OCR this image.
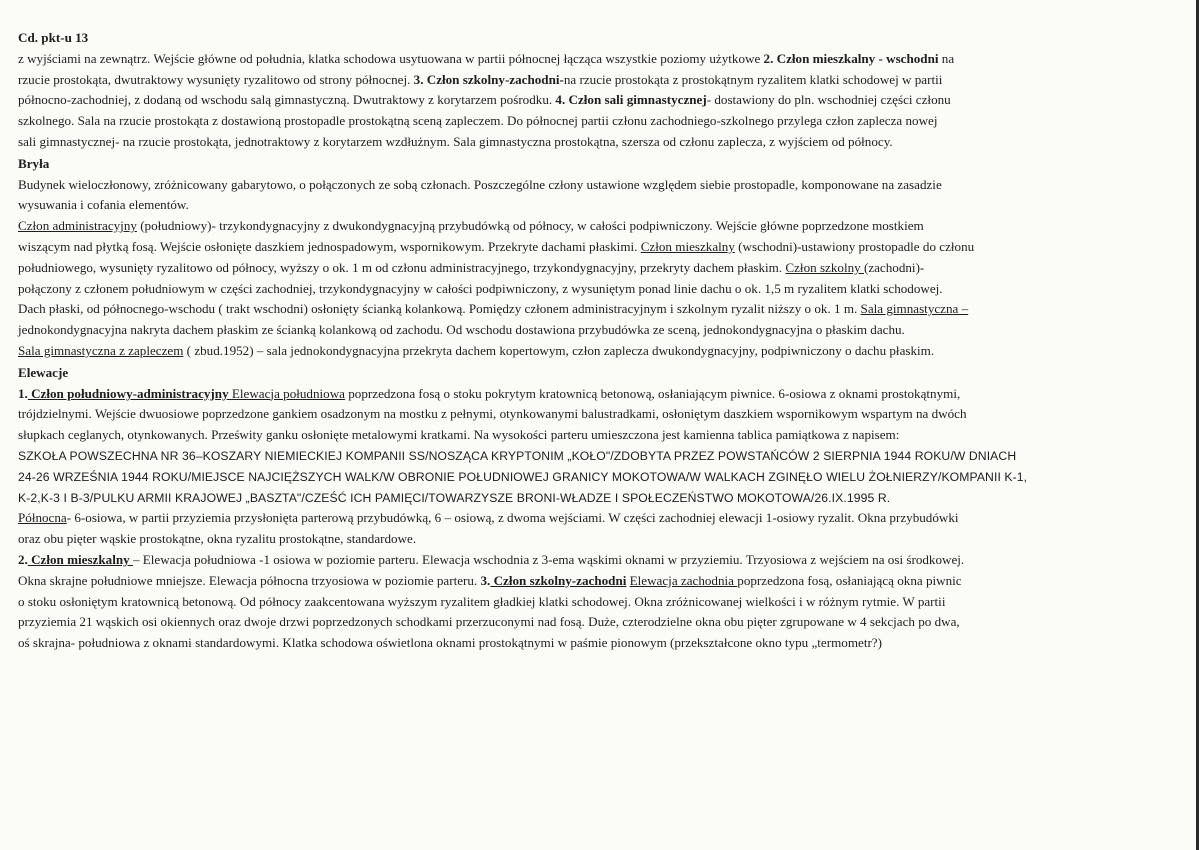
Cd. pkt-u 13
z wyjściami na zewnątrz. Wejście główne od południa, klatka schodowa usytuowana w partii północnej łącząca wszystkie poziomy użytkowe 2. Człon mieszkalny - wschodni na
rzucie prostokąta, dwutraktowy wysunięty ryzalitowo od strony północnej. 3. Człon szkolny-zachodni-na rzucie prostokąta z prostokątnym ryzalitem klatki schodowej w partii
północno-zachodniej, z dodaną od wschodu salą gimnastyczną. Dwutraktowy z korytarzem pośrodku. 4. Człon sali gimnastycznej- dostawiony do pln. wschodniej części członu
szkolnego. Sala na rzucie prostokąta z dostawioną prostopadle prostokątną sceną zapleczem. Do północnej partii członu zachodniego-szkolnego przylega człon zaplecza nowej
sali gimnastycznej- na rzucie prostokąta, jednotraktowy z korytarzem wzdłużnym. Sala gimnastyczna prostokątna, szersza od członu zaplecza, z wyjściem od północy.
Bryła
Budynek wieloczłonowy, zróżnicowany gabarytowo, o połączonych ze sobą członach. Poszczególne człony ustawione względem siebie prostopadle, komponowane na zasadzie
wysuwania i cofania elementów.
Człon administracyjny (południowy)- trzykondygnacyjny z dwukondygnacyjną przybudówką od północy, w całości podpiwniczony. Wejście główne poprzedzone mostkiem
wiszącym nad płytką fosą. Wejście osłonięte daszkiem jednospadowym, wspornikowym. Przekryte dachami płaskimi. Człon mieszkalny (wschodni)-ustawiony prostopadle do członu
południowego, wysunięty ryzalitowo od północy, wyższy o ok. 1 m od członu administracyjnego, trzykondygnacyjny, przekryty dachem płaskim. Człon szkolny (zachodni)-
połączony z członem południowym w części zachodniej, trzykondygnacyjny w całości podpiwniczony, z wysuniętym ponad linie dachu o ok. 1,5 m ryzalitem klatki schodowej.
Dach płaski, od północnego-wschodu ( trakt wschodni) osłonięty ścianką kolankową. Pomiędzy członem administracyjnym i szkolnym ryzalit niższy o ok. 1 m. Sala gimnastyczna –
jednokondygnacyjna nakryta dachem płaskim ze ścianką kolankową od zachodu. Od wschodu dostawiona przybudówka ze sceną, jednokondygnacyjna o płaskim dachu.
Sala gimnastyczna z zapleczem ( zbud.1952) – sala jednokondygnacyjna przekryta dachem kopertowym, człon zaplecza dwukondygnacyjny, podpiwniczony o dachu płaskim.
Elewacje
1. Człon południowy-administracyjny Elewacja południowa poprzedzona fosą o stoku pokrytym kratownicą betonową, osłaniającym piwnice. 6-osiowa z oknami prostokątnymi,
trójdzielnymi. Wejście dwuosiowe poprzedzone gankiem osadzonym na mostku z pełnymi, otynkowanymi balustradkami, osłoniętym daszkiem wspornikowym wspartym na dwóch
słupkach ceglanych, otynkowanych. Prześwity ganku osłonięte metalowymi kratkami. Na wysokości parteru umieszczona jest kamienna tablica pamiątkowa z napisem:
SZKOŁA POWSZECHNA NR 36–KOSZARY NIEMIECKIEJ KOMPANII SS/NOSZĄCA KRYPTONIM „KOŁO"/ZDOBYTA PRZEZ POWSTAŃCÓW 2 SIERPNIA 1944 ROKU/W DNIACH
24-26 WRZEŚNIA 1944 ROKU/MIEJSCE NAJCIĘŻSZYCH WALK/W OBRONIE POŁUDNIOWEJ GRANICY MOKOTOWA/W WALKACH ZGINĘŁO WIELU ŻOŁNIERZY/KOMPANII K-1,
K-2,K-3 I B-3/PULKU ARMII KRAJOWEJ „BASZTA"/CZEŚĆ ICH PAMIĘCI/TOWARZYSZE BRONI-WŁADZE I SPOŁECZEŃSTWO MOKOTOWA/26.IX.1995 R.
Północna- 6-osiowa, w partii przyziemia przysłonięta parterową przybudówką, 6 – osiową, z dwoma wejściami. W części zachodniej elewacji 1-osiowy ryzalit. Okna przybudówki
oraz obu pięter wąskie prostokątne, okna ryzalitu prostokątne, standardowe.
2. Człon mieszkalny – Elewacja południowa -1 osiowa w poziomie parteru. Elewacja wschodnia z 3-ema wąskimi oknami w przyziemiu. Trzyosiowa z wejściem na osi środkowej.
Okna skrajne południowe mniejsze. Elewacja północna trzyosiowa w poziomie parteru. 3. Człon szkolny-zachodni Elewacja zachodnia poprzedzona fosą, osłaniającą okna piwnic
o stoku osłoniętym kratownicą betonową. Od północy zaakcentowana wyższym ryzalitem gładkiej klatki schodowej. Okna zróżnicowanej wielkości i w różnym rytmie. W partii
przyziemia 21 wąskich osi okiennych oraz dwoje drzwi poprzedzonych schodkami przerzuconymi nad fosą. Duże, czterodzielne okna obu pięter zgrupowane w 4 sekcjach po dwa,
oś skrajna- południowa z oknami standardowymi. Klatka schodowa oświetlona oknami prostokątnymi w paśmie pionowym (przekształcone okno typu „termometr?)
